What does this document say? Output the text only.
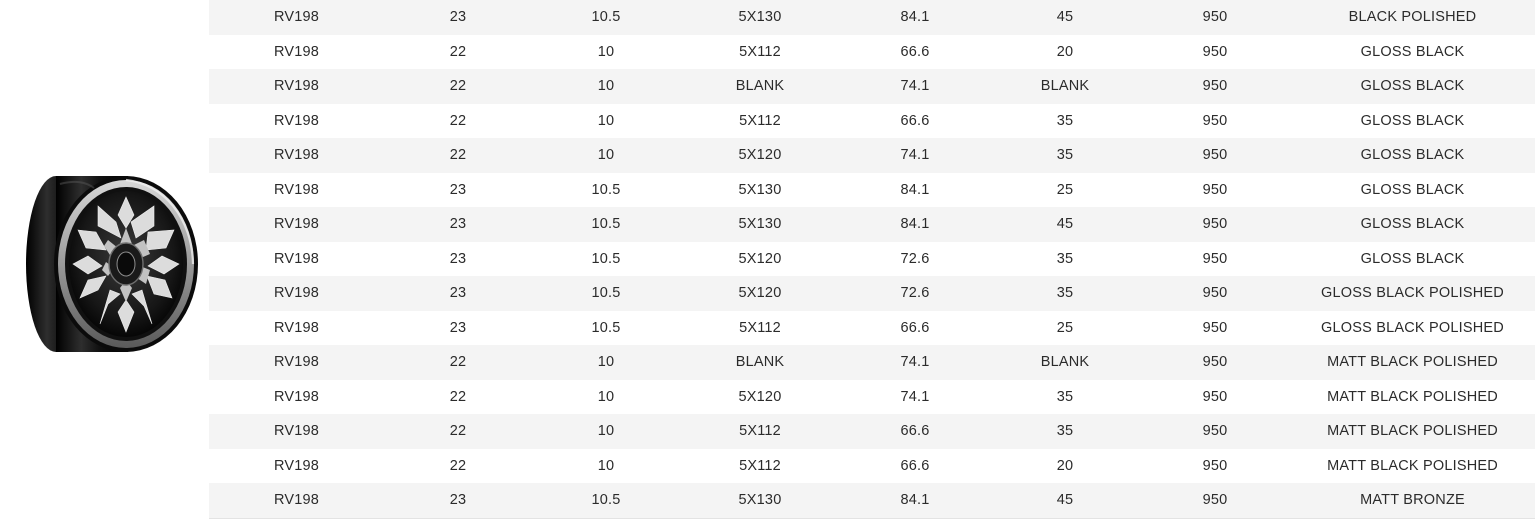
RV198	23	10.5	5X130	84.1	45	950	BLACK POLISHED
RV198	22	10	5X112	66.6	20	950	GLOSS BLACK
RV198	22	10	BLANK	74.1	BLANK	950	GLOSS BLACK
RV198	22	10	5X112	66.6	35	950	GLOSS BLACK
RV198	22	10	5X120	74.1	35	950	GLOSS BLACK
RV198	23	10.5	5X130	84.1	25	950	GLOSS BLACK
RV198	23	10.5	5X130	84.1	45	950	GLOSS BLACK
RV198	23	10.5	5X120	72.6	35	950	GLOSS BLACK
RV198	23	10.5	5X120	72.6	35	950	GLOSS BLACK POLISHED
RV198	23	10.5	5X112	66.6	25	950	GLOSS BLACK POLISHED
RV198	22	10	BLANK	74.1	BLANK	950	MATT BLACK POLISHED
RV198	22	10	5X120	74.1	35	950	MATT BLACK POLISHED
RV198	22	10	5X112	66.6	35	950	MATT BLACK POLISHED
RV198	22	10	5X112	66.6	20	950	MATT BLACK POLISHED
RV198	23	10.5	5X130	84.1	45	950	MATT BRONZE
